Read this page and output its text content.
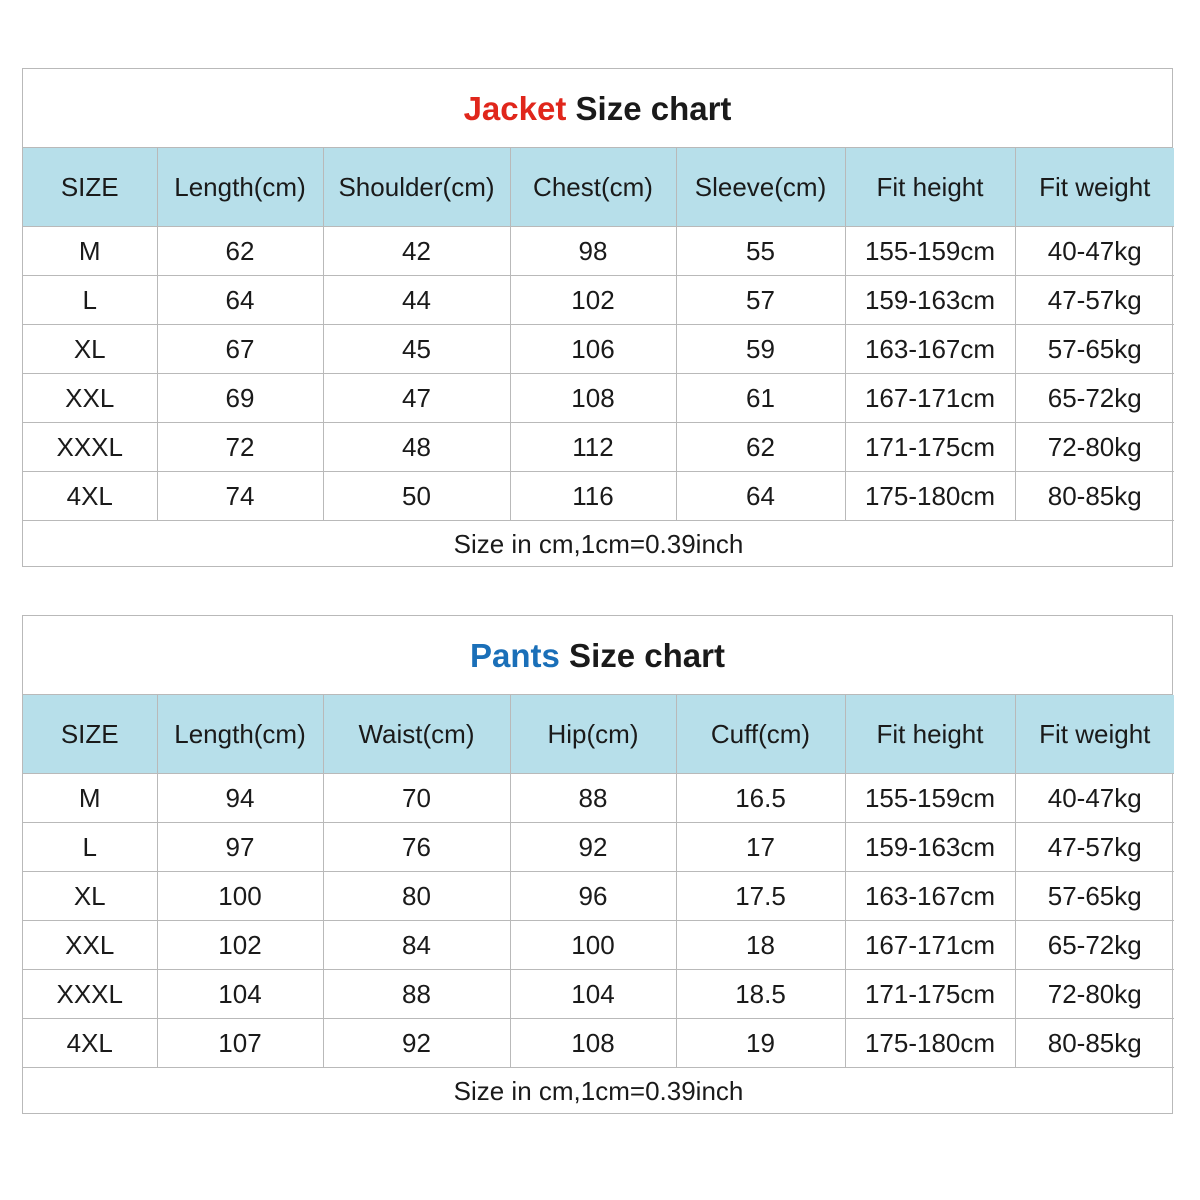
Jacket Size chart
SIZE	Length(cm)	Shoulder(cm)	Chest(cm)	Sleeve(cm)	Fit height	Fit weight
M	62	42	98	55	155-159cm	40-47kg
L	64	44	102	57	159-163cm	47-57kg
XL	67	45	106	59	163-167cm	57-65kg
XXL	69	47	108	61	167-171cm	65-72kg
XXXL	72	48	112	62	171-175cm	72-80kg
4XL	74	50	116	64	175-180cm	80-85kg
Size in cm,1cm=0.39inch						
Pants Size chart
SIZE	Length(cm)	Waist(cm)	Hip(cm)	Cuff(cm)	Fit height	Fit weight
M	94	70	88	16.5	155-159cm	40-47kg
L	97	76	92	17	159-163cm	47-57kg
XL	100	80	96	17.5	163-167cm	57-65kg
XXL	102	84	100	18	167-171cm	65-72kg
XXXL	104	88	104	18.5	171-175cm	72-80kg
4XL	107	92	108	19	175-180cm	80-85kg
Size in cm,1cm=0.39inch						
